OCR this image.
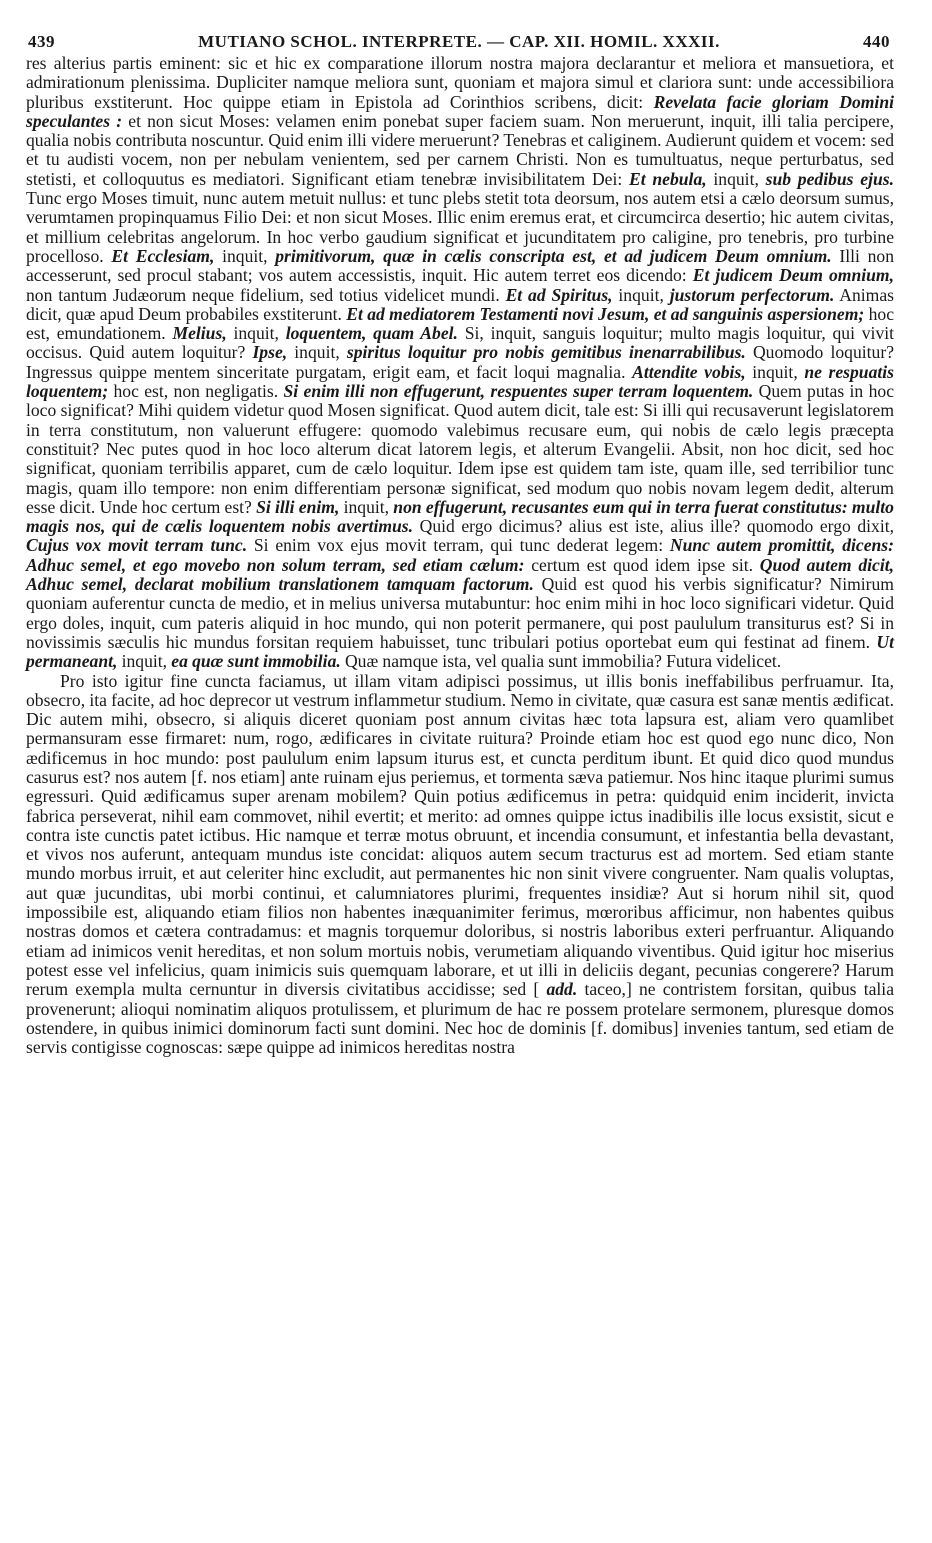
439	MUTIANO SCHOL. INTERPRETE. — CAP. XII. HOMIL. XXXII.	440

res alterius partis eminent: sic et hic ex comparatione illorum nostra majora declarantur et meliora et mansuetiora, et admirationum plenissima. Dupliciter namque meliora sunt, quoniam et majora simul et clariora sunt: unde accessibiliora pluribus exstiterunt. Hoc quippe etiam in Epistola ad Corinthios scribens, dicit: Revelata facie gloriam Domini speculantes : et non sicut Moses: velamen enim ponebat super faciem suam. Non meruerunt, inquit, illi talia percipere, qualia nobis contributa noscuntur. Quid enim illi videre meruerunt? Tenebras et caliginem. Audierunt quidem et vocem: sed et tu audisti vocem, non per nebulam venientem, sed per carnem Christi. Non es tumultuatus, neque perturbatus, sed stetisti, et colloquutus es mediatori. Significant etiam tenebræ invisibilitatem Dei: Et nebula, inquit, sub pedibus ejus. Tunc ergo Moses timuit, nunc autem metuit nullus: et tunc plebs stetit tota deorsum, nos autem etsi a cælo deorsum sumus, verumtamen propinquamus Filio Dei: et non sicut Moses. Illic enim eremus erat, et circumcirca desertio; hic autem civitas, et millium celebritas angelorum. In hoc verbo gaudium significat et jucunditatem pro caligine, pro tenebris, pro turbine procelloso. Et Ecclesiam, inquit, primitivorum, quæ in cælis conscripta est, et ad judicem Deum omnium. Illi non accesserunt, sed procul stabant; vos autem accessistis, inquit. Hic autem terret eos dicendo: Et judicem Deum omnium, non tantum Judæorum neque fidelium, sed totius videlicet mundi. Et ad Spiritus, inquit, justorum perfectorum. Animas dicit, quæ apud Deum probabiles exstiterunt. Et ad mediatorem Testamenti novi Jesum, et ad sanguinis aspersionem; hoc est, emundationem. Melius, inquit, loquentem, quam Abel. Si, inquit, sanguis loquitur; multo magis loquitur, qui vivit occisus. Quid autem loquitur? Ipse, inquit, spiritus loquitur pro nobis gemitibus inenarrabilibus. Quomodo loquitur? Ingressus quippe mentem sinceritate purgatam, erigit eam, et facit loqui magnalia. Attendite vobis, inquit, ne respuatis loquentem; hoc est, non negligatis. Si enim illi non effugerunt, respuentes super terram loquentem. Quem putas in hoc loco significat? Mihi quidem videtur quod Mosen significat. Quod autem dicit, tale est: Si illi qui recusaverunt legislatorem in terra constitutum, non valuerunt effugere: quomodo valebimus recusare eum, qui nobis de cælo legis præcepta constituit? Nec putes quod in hoc loco alterum dicat latorem legis, et alterum Evangelii. Absit, non hoc dicit, sed hoc significat, quoniam terribilis apparet, cum de cælo loquitur. Idem ipse est quidem tam iste, quam ille, sed terribilior tunc magis, quam illo tempore: non enim differentiam personæ significat, sed modum quo nobis novam legem dedit, alterum esse dicit. Unde hoc certum est? Si illi enim, inquit, non effugerunt, recusantes eum qui in terra fuerat constitutus: multo magis nos, qui de cælis loquentem nobis avertimus. Quid ergo dicimus? alius est iste, alius ille? quomodo ergo dixit, Cujus vox movit terram tunc. Si enim vox ejus movit terram, qui tunc dederat legem: Nunc autem promittit, dicens: Adhuc semel, et ego movebo non solum terram, sed etiam cælum: certum est quod idem ipse sit. Quod autem dicit, Adhuc semel, declarat mobilium translationem tamquam factorum. Quid est quod his verbis significatur? Nimirum quoniam auferentur cuncta de medio, et in melius universa mutabuntur: hoc enim mihi in hoc loco significari videtur. Quid ergo doles, inquit, cum pateris aliquid in hoc mundo, qui non poterit permanere, qui post paululum transiturus est? Si in novissimis sæculis hic mundus forsitan requiem habuisset, tunc tribulari potius oportebat eum qui festinat ad finem. Ut permaneant, inquit, ea quæ sunt immobilia. Quæ namque ista, vel qualia sunt immobilia? Futura videlicet.

Pro isto igitur fine cuncta faciamus, ut illam vitam adipisci possimus, ut illis bonis ineffabilibus perfruamur. Ita, obsecro, ita facite, ad hoc deprecor ut vestrum inflammetur studium. Nemo in civitate, quæ casura est sanæ mentis ædificat. Dic autem mihi, obsecro, si aliquis diceret quoniam post annum civitas hæc tota lapsura est, aliam vero quamlibet permansuram esse firmaret: num, rogo, ædificares in civitate ruitura? Proinde etiam hoc est quod ego nunc dico, Non ædificemus in hoc mundo: post paululum enim lapsum iturus est, et cuncta perditum ibunt. Et quid dico quod mundus casurus est? nos autem [f. nos etiam] ante ruinam ejus periemus, et tormenta sæva patiemur. Nos hinc itaque plurimi sumus egressuri. Quid ædificamus super arenam mobilem? Quin potius ædificemus in petra: quidquid enim inciderit, invicta fabrica perseverat, nihil eam commovet, nihil evertit; et merito: ad omnes quippe ictus inadibilis ille locus exsistit, sicut e contra iste cunctis patet ictibus. Hic namque et terræ motus obruunt, et incendia consumunt, et infestantia bella devastant, et vivos nos auferunt, antequam mundus iste concidat: aliquos autem secum tracturus est ad mortem. Sed etiam stante mundo morbus irruit, et aut celeriter hinc excludit, aut permanentes hic non sinit vivere congruenter. Nam qualis voluptas, aut quæ jucunditas, ubi morbi continui, et calumniatores plurimi, frequentes insidiæ? Aut si horum nihil sit, quod impossibile est, aliquando etiam filios non habentes inæquanimiter ferimus, mœroribus afficimur, non habentes quibus nostras domos et cætera contradamus: et magnis torquemur doloribus, si nostris laboribus exteri perfruantur. Aliquando etiam ad inimicos venit hereditas, et non solum mortuis nobis, verumetiam aliquando viventibus. Quid igitur hoc miserius potest esse vel infelicius, quam inimicis suis quemquam laborare, et ut illi in deliciis degant, pecunias congerere? Harum rerum exempla multa cernuntur in diversis civitatibus accidisse; sed [ add. taceo,] ne contristem forsitan, quibus talia provenerunt; alioqui nominatim aliquos protulissem, et plurimum de hac re possem protelare sermonem, pluresque domos ostendere, in quibus inimici dominorum facti sunt domini. Nec hoc de dominis [f. domibus] invenies tantum, sed etiam de servis contigisse cognoscas: sæpe quippe ad inimicos hereditas nostra
